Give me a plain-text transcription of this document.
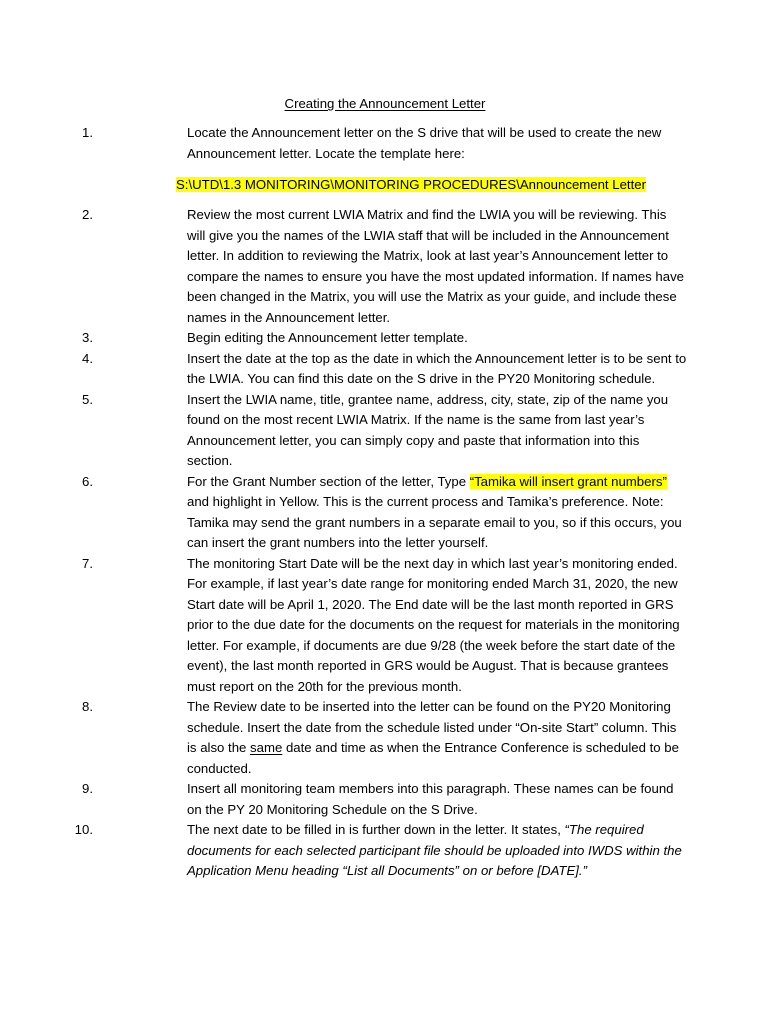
Creating the Announcement Letter
1.	Locate the Announcement letter on the S drive that will be used to create the new Announcement letter. Locate the template here:
S:\UTD\1.3 MONITORING\MONITORING PROCEDURES\Announcement Letter
2.	Review the most current LWIA Matrix and find the LWIA you will be reviewing. This will give you the names of the LWIA staff that will be included in the Announcement letter. In addition to reviewing the Matrix, look at last year’s Announcement letter to compare the names to ensure you have the most updated information. If names have been changed in the Matrix, you will use the Matrix as your guide, and include these names in the Announcement letter.
3.	Begin editing the Announcement letter template.
4.	Insert the date at the top as the date in which the Announcement letter is to be sent to the LWIA. You can find this date on the S drive in the PY20 Monitoring schedule.
5.	Insert the LWIA name, title, grantee name, address, city, state, zip of the name you found on the most recent LWIA Matrix. If the name is the same from last year’s Announcement letter, you can simply copy and paste that information into this section.
6.	For the Grant Number section of the letter, Type “Tamika will insert grant numbers” and highlight in Yellow. This is the current process and Tamika’s preference. Note: Tamika may send the grant numbers in a separate email to you, so if this occurs, you can insert the grant numbers into the letter yourself.
7.	The monitoring Start Date will be the next day in which last year’s monitoring ended. For example, if last year’s date range for monitoring ended March 31, 2020, the new Start date will be April 1, 2020. The End date will be the last month reported in GRS prior to the due date for the documents on the request for materials in the monitoring letter. For example, if documents are due 9/28 (the week before the start date of the event), the last month reported in GRS would be August. That is because grantees must report on the 20th for the previous month.
8.	The Review date to be inserted into the letter can be found on the PY20 Monitoring schedule. Insert the date from the schedule listed under “On-site Start” column. This is also the same date and time as when the Entrance Conference is scheduled to be conducted.
9.	Insert all monitoring team members into this paragraph. These names can be found on the PY 20 Monitoring Schedule on the S Drive.
10.	The next date to be filled in is further down in the letter. It states, “The required documents for each selected participant file should be uploaded into IWDS within the Application Menu heading “List all Documents” on or before [DATE].”
